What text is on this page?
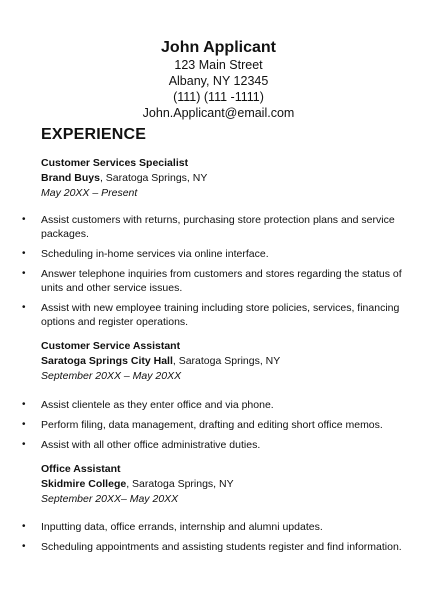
John Applicant
123 Main Street
Albany, NY 12345
(111) (111 -1111)
John.Applicant@email.com
EXPERIENCE
Customer Services Specialist
Brand Buys, Saratoga Springs, NY
May 20XX – Present
• Assist customers with returns, purchasing store protection plans and service packages.
• Scheduling in-home services via online interface.
• Answer telephone inquiries from customers and stores regarding the status of units and other service issues.
• Assist with new employee training including store policies, services, financing options and register operations.
Customer Service Assistant
Saratoga Springs City Hall, Saratoga Springs, NY
September 20XX – May 20XX
• Assist clientele as they enter office and via phone.
• Perform filing, data management, drafting and editing short office memos.
• Assist with all other office administrative duties.
Office Assistant
Skidmire College, Saratoga Springs, NY
September 20XX– May 20XX
• Inputting data, office errands, internship and alumni updates.
• Scheduling appointments and assisting students register and find information.
